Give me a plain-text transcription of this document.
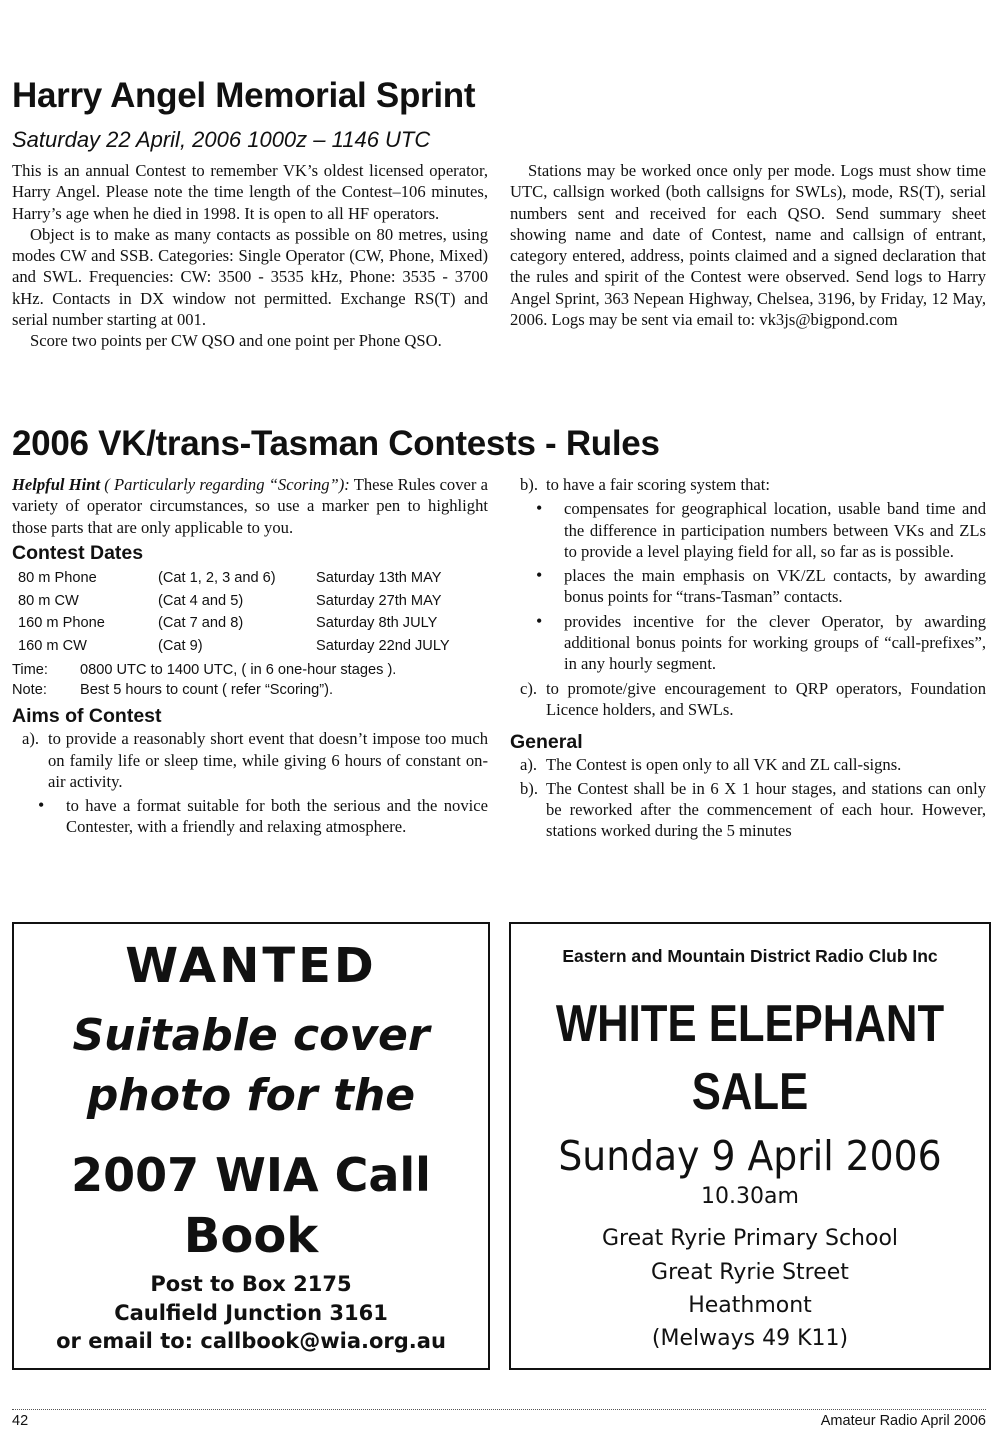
Harry Angel Memorial Sprint
Saturday 22 April, 2006 1000z – 1146 UTC

This is an annual Contest to remember VK’s oldest licensed operator, Harry Angel. Please note the time length of the Contest–106 minutes, Harry’s age when he died in 1998. It is open to all HF operators.

Object is to make as many contacts as possible on 80 metres, using modes CW and SSB. Categories: Single Operator (CW, Phone, Mixed) and SWL. Frequencies: CW: 3500 - 3535 kHz, Phone: 3535 - 3700 kHz. Contacts in DX window not permitted. Exchange RS(T) and serial number starting at 001.

Score two points per CW QSO and one point per Phone QSO.

Stations may be worked once only per mode. Logs must show time UTC, callsign worked (both callsigns for SWLs), mode, RS(T), serial numbers sent and received for each QSO. Send summary sheet showing name and date of Contest, name and callsign of entrant, category entered, address, points claimed and a signed declaration that the rules and spirit of the Contest were observed. Send logs to Harry Angel Sprint, 363 Nepean Highway, Chelsea, 3196, by Friday, 12 May, 2006. Logs may be sent via email to: vk3js@bigpond.com

2006 VK/trans-Tasman Contests - Rules

Helpful Hint ( Particularly regarding “Scoring”): These Rules cover a variety of operator circumstances, so use a marker pen to highlight those parts that are only applicable to you.

Contest Dates
80 m Phone	(Cat 1, 2, 3 and 6)	Saturday 13th MAY
80 m CW	(Cat 4 and 5)	Saturday 27th MAY
160 m Phone	(Cat 7 and 8)	Saturday 8th JULY
160 m CW	(Cat 9)	Saturday 22nd JULY
Time:	0800 UTC to 1400 UTC, ( in 6 one-hour stages ).
Note:	Best 5 hours to count ( refer “Scoring”).
Aims of Contest
a). to provide a reasonably short event that doesn’t impose too much on family life or sleep time, while giving 6 hours of constant on-air activity.
• to have a format suitable for both the serious and the novice Contester, with a friendly and relaxing atmosphere.
b). to have a fair scoring system that:
• compensates for geographical location, usable band time and the difference in participation numbers between VKs and ZLs to provide a level playing field for all, so far as is possible.
• places the main emphasis on VK/ZL contacts, by awarding bonus points for “trans-Tasman” contacts.
• provides incentive for the clever Operator, by awarding additional bonus points for working groups of “call-prefixes”, in any hourly segment.
c). to promote/give encouragement to QRP operators, Foundation Licence holders, and SWLs.
General
a). The Contest is open only to all VK and ZL call-signs.
b). The Contest shall be in 6 X 1 hour stages, and stations can only be reworked after the commencement of each hour. However, stations worked during the 5 minutes
WANTED
Suitable cover
photo for the
2007 WIA Call
Book
Post to Box 2175
Caulfield Junction 3161
or email to: callbook@wia.org.au
Eastern and Mountain District Radio Club Inc
WHITE ELEPHANT
SALE
Sunday 9 April 2006
10.30am
Great Ryrie Primary School
Great Ryrie Street
Heathmont
(Melways 49 K11)
42	Amateur Radio April 2006
